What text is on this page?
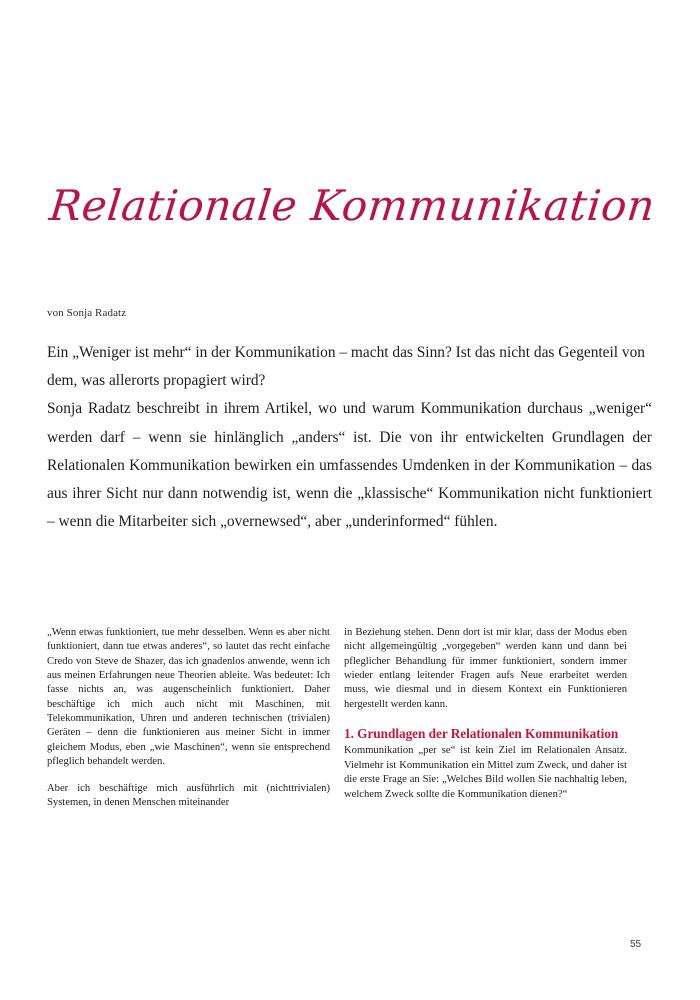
Relationale Kommunikation
von Sonja Radatz

Ein „Weniger ist mehr“ in der Kommunikation – macht das Sinn? Ist das nicht das Gegenteil von dem, was allerorts propagiert wird?

Sonja Radatz beschreibt in ihrem Artikel, wo und warum Kommunikation durchaus „weniger“ werden darf – wenn sie hinlänglich „anders“ ist. Die von ihr entwickelten Grundlagen der Relationalen Kommunikation bewirken ein umfassendes Umdenken in der Kommunikation – das aus ihrer Sicht nur dann notwendig ist, wenn die „klassische“ Kommunikation nicht funktioniert – wenn die Mitarbeiter sich „overnewsed“, aber „underinformed“ fühlen.

„Wenn etwas funktioniert, tue mehr desselben. Wenn es aber nicht funktioniert, dann tue etwas anderes“, so lautet das recht einfache Credo von Steve de Shazer, das ich gnadenlos anwende, wenn ich aus meinen Erfahrungen neue Theorien ableite. Was bedeutet: Ich fasse nichts an, was augenscheinlich funktioniert. Daher beschäftige ich mich auch nicht mit Maschinen, mit Telekommunikation, Uhren und anderen technischen (trivialen) Geräten – denn die funktionieren aus meiner Sicht in immer gleichem Modus, eben „wie Maschinen“, wenn sie entsprechend pfleglich behandelt werden.

Aber ich beschäftige mich ausführlich mit (nichttrivialen) Systemen, in denen Menschen miteinander

in Beziehung stehen. Denn dort ist mir klar, dass der Modus eben nicht allgemeingültig „vorgegeben“ werden kann und dann bei pfleglicher Behandlung für immer funktioniert, sondern immer wieder entlang leitender Fragen aufs Neue erarbeitet werden muss, wie diesmal und in diesem Kontext ein Funktionieren hergestellt werden kann.

1. Grundlagen der Relationalen Kommunikation

Kommunikation „per se“ ist kein Ziel im Relationalen Ansatz. Vielmehr ist Kommunikation ein Mittel zum Zweck, und daher ist die erste Frage an Sie: „Welches Bild wollen Sie nachhaltig leben, welchem Zweck sollte die Kommunikation dienen?“

55
